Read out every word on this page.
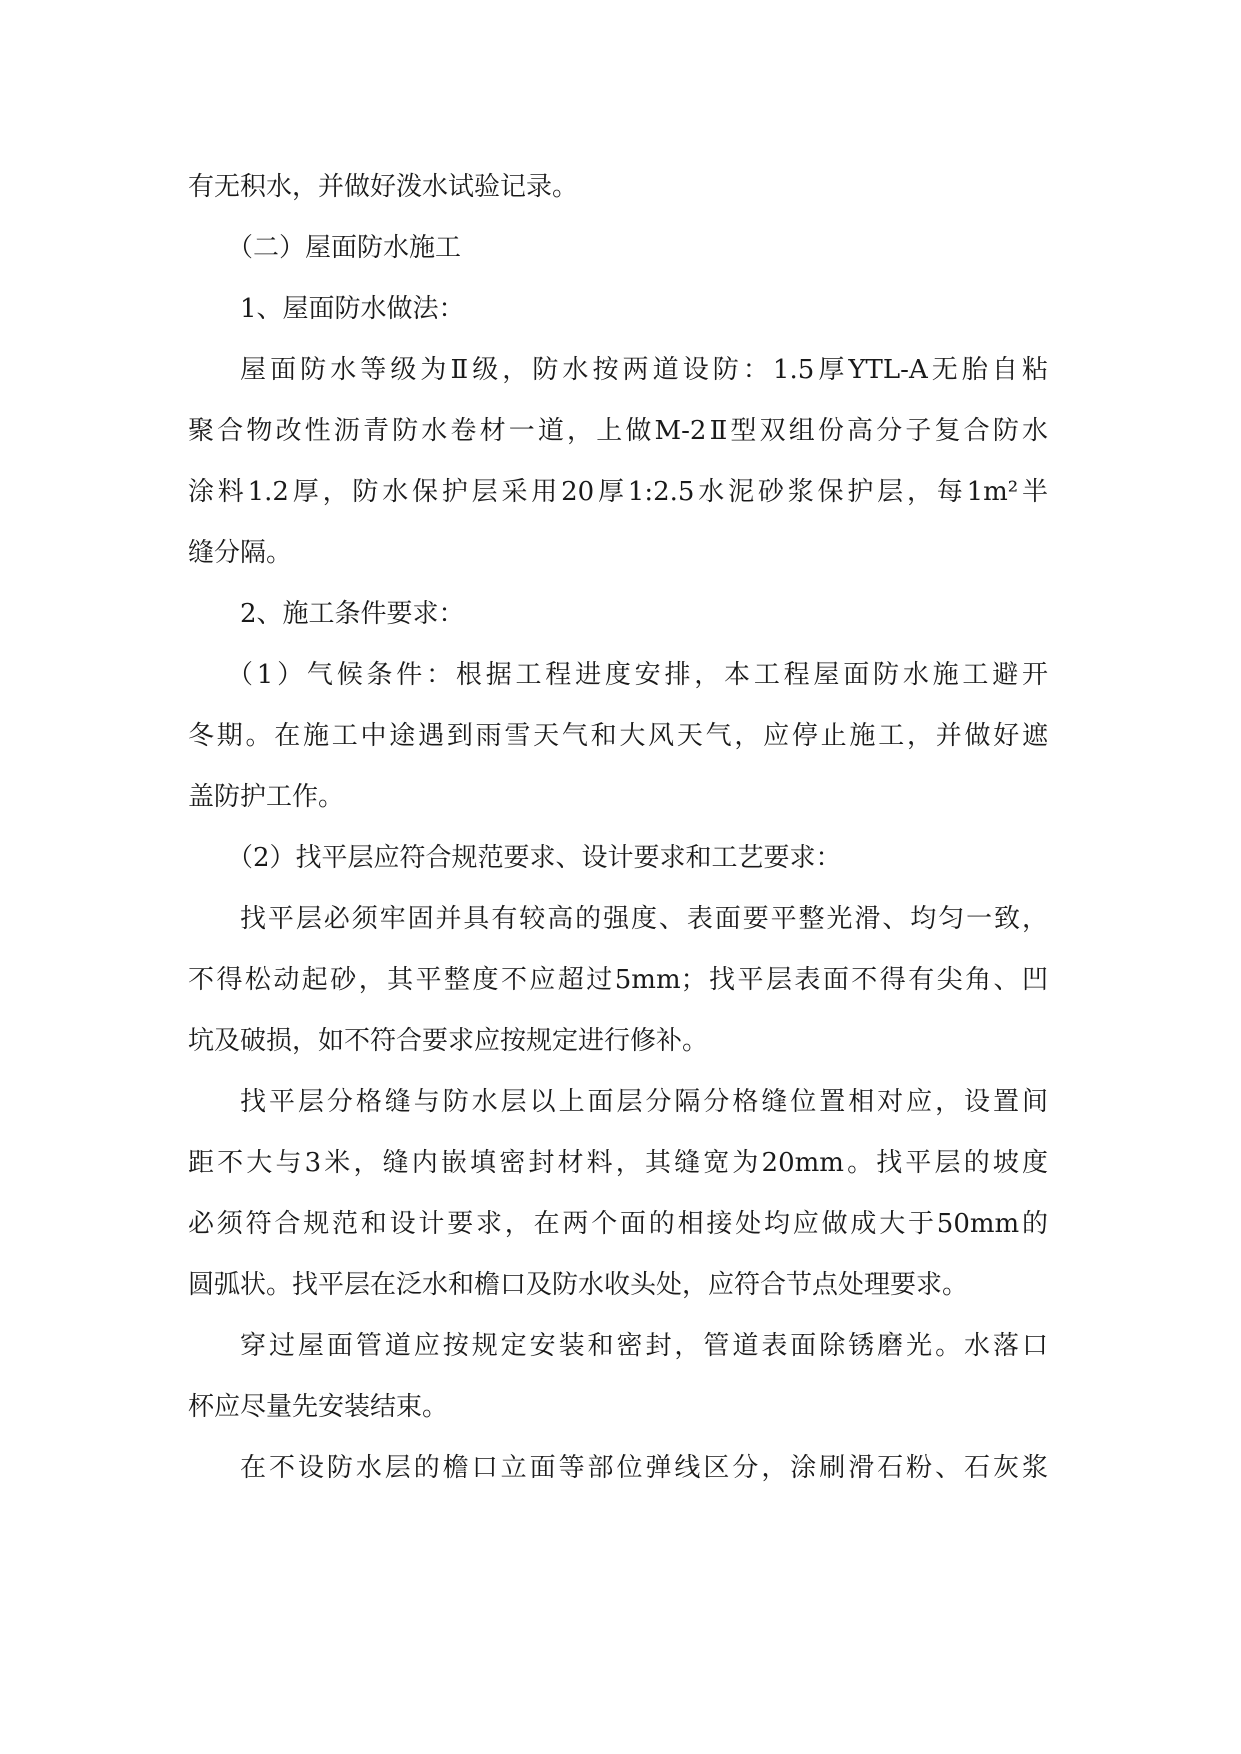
有无积水，并做好泼水试验记录。

（二）屋面防水施工

1、屋面防水做法：

屋面防水等级为Ⅱ级，防水按两道设防：1.5厚YTL-A无胎自粘
聚合物改性沥青防水卷材一道，上做M-2Ⅱ型双组份高分子复合防水
涂料1.2厚，防水保护层采用20厚1:2.5水泥砂浆保护层，每1m²半
缝分隔。

2、施工条件要求：

（1）气候条件：根据工程进度安排，本工程屋面防水施工避开
冬期。在施工中途遇到雨雪天气和大风天气，应停止施工，并做好遮
盖防护工作。

（2）找平层应符合规范要求、设计要求和工艺要求：

找平层必须牢固并具有较高的强度、表面要平整光滑、均匀一致，
不得松动起砂，其平整度不应超过5mm；找平层表面不得有尖角、凹
坑及破损，如不符合要求应按规定进行修补。

找平层分格缝与防水层以上面层分隔分格缝位置相对应，设置间
距不大与3米，缝内嵌填密封材料，其缝宽为20mm。找平层的坡度
必须符合规范和设计要求，在两个面的相接处均应做成大于50mm的
圆弧状。找平层在泛水和檐口及防水收头处，应符合节点处理要求。

穿过屋面管道应按规定安装和密封，管道表面除锈磨光。水落口
杯应尽量先安装结束。

在不设防水层的檐口立面等部位弹线区分，涂刷滑石粉、石灰浆
